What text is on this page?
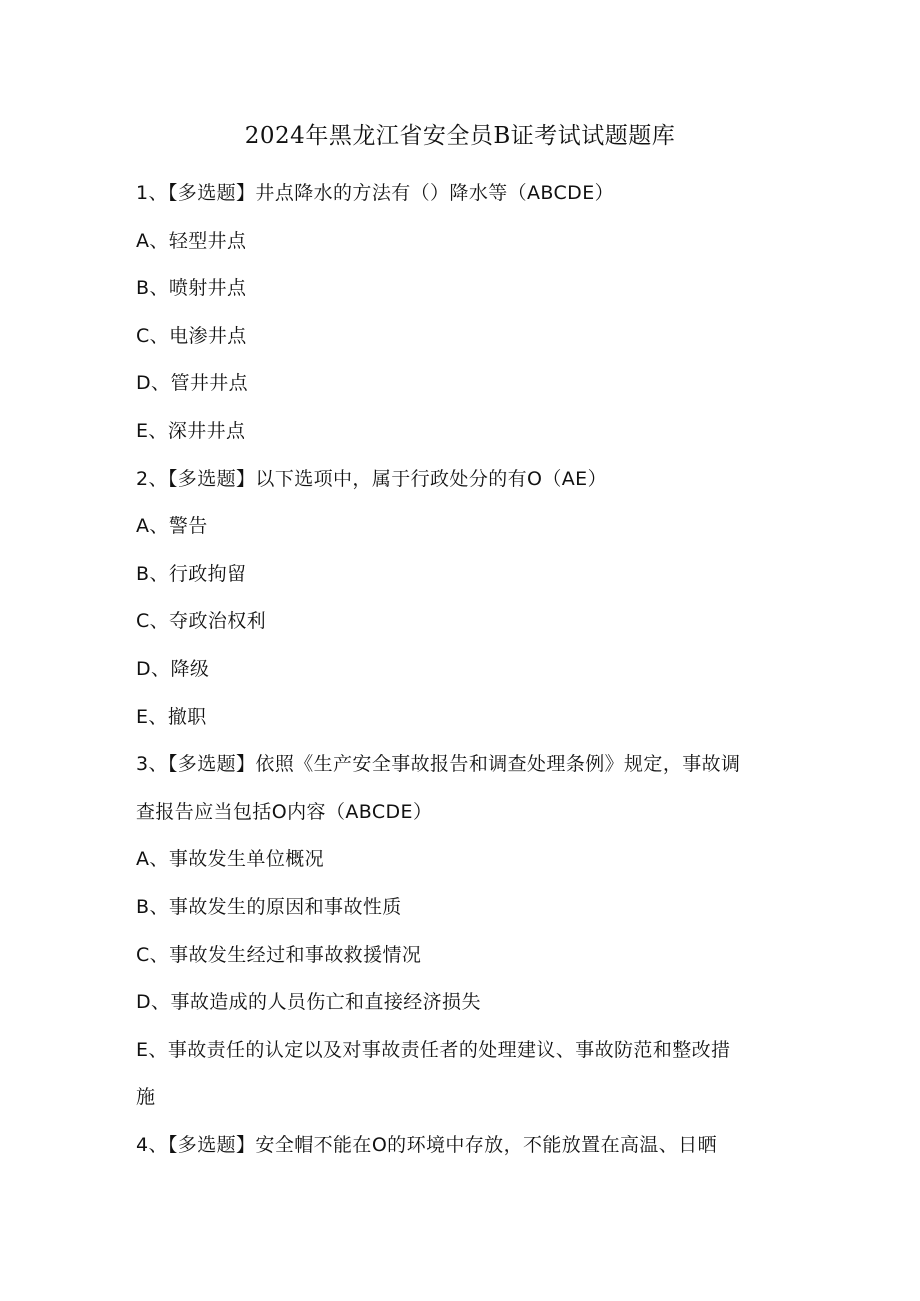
2024年黑龙江省安全员B证考试试题题库
1、【多选题】井点降水的方法有（）降水等（ABCDE）
A、轻型井点
B、喷射井点
C、电渗井点
D、管井井点
E、深井井点
2、【多选题】以下选项中，属于行政处分的有O（AE）
A、警告
B、行政拘留
C、夺政治权利
D、降级
E、撤职
3、【多选题】依照《生产安全事故报告和调查处理条例》规定，事故调
查报告应当包括O内容（ABCDE）
A、事故发生单位概况
B、事故发生的原因和事故性质
C、事故发生经过和事故救援情况
D、事故造成的人员伤亡和直接经济损失
E、事故责任的认定以及对事故责任者的处理建议、事故防范和整改措
施
4、【多选题】安全帽不能在O的环境中存放，不能放置在高温、日晒
